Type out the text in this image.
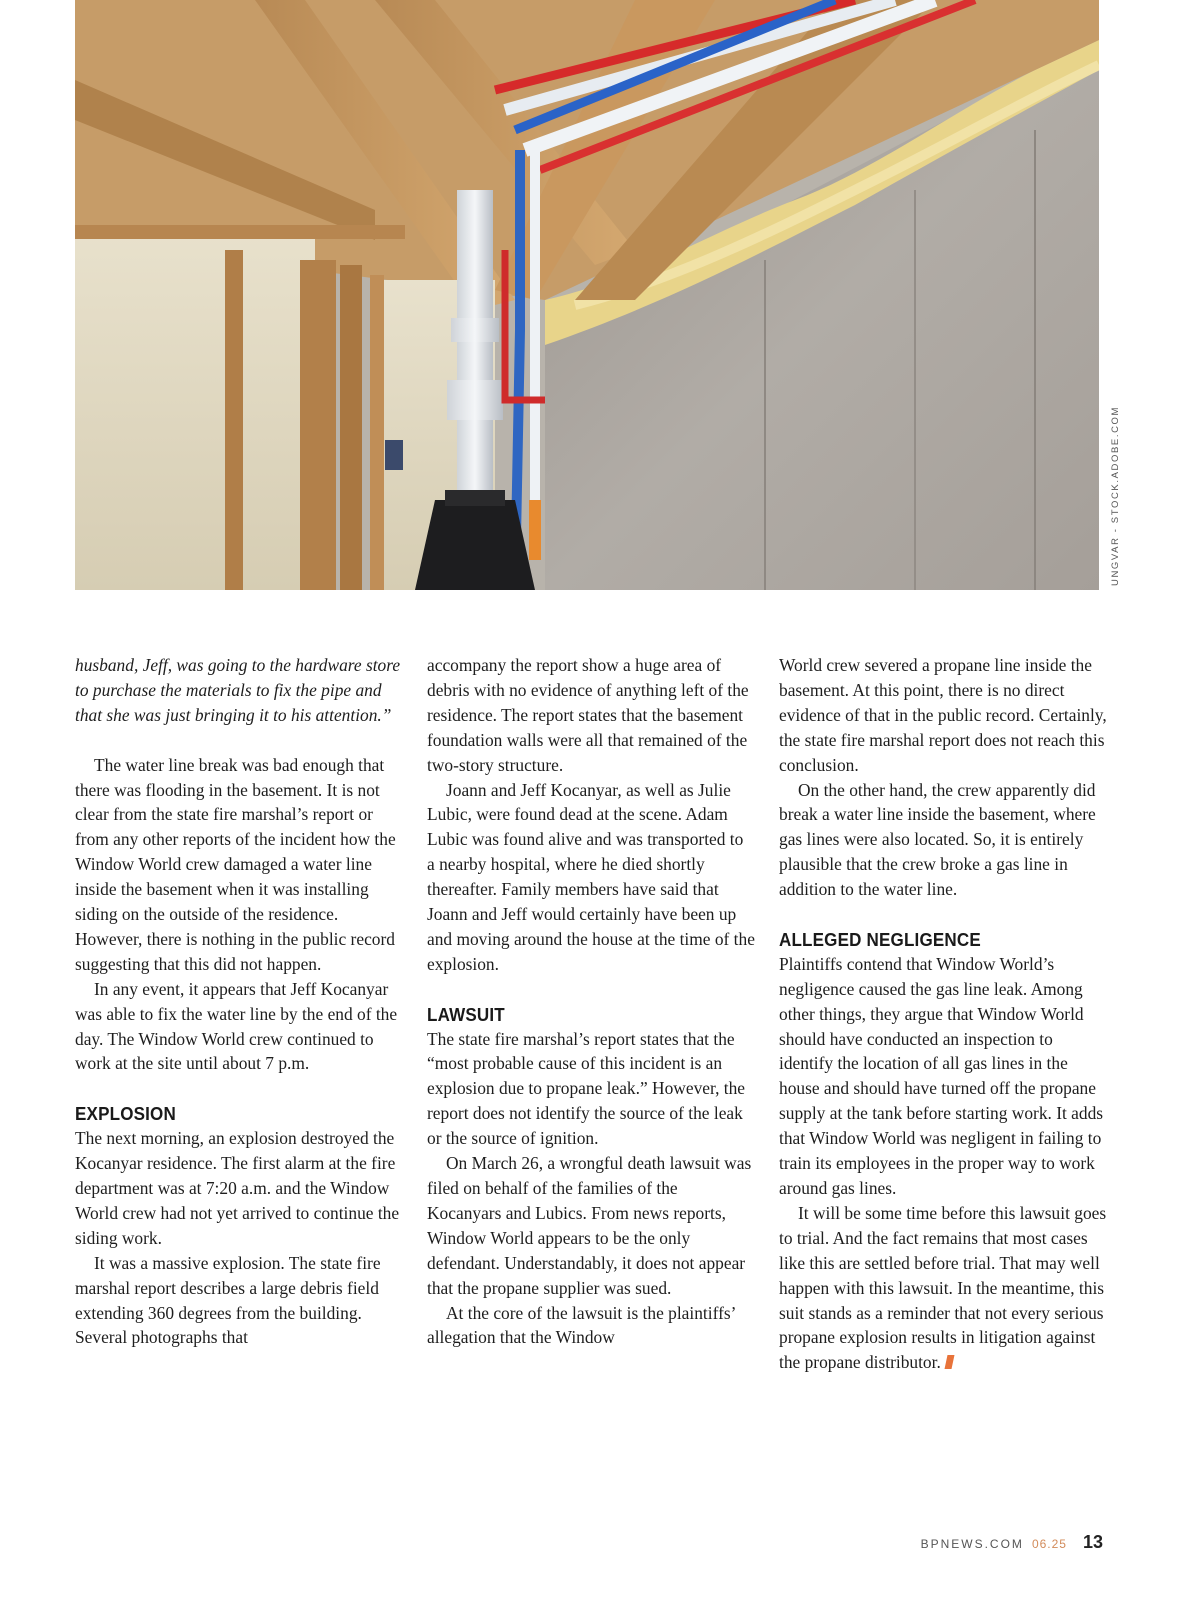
UNGVAR - STOCK.ADOBE.COM

husband, Jeff, was going to the hardware store to purchase the materials to fix the pipe and that she was just bringing it to his attention.”

The water line break was bad enough that there was flooding in the basement. It is not clear from the state fire marshal’s report or from any other reports of the incident how the Window World crew damaged a water line inside the basement when it was installing siding on the outside of the residence. However, there is nothing in the public record suggesting that this did not happen.

In any event, it appears that Jeff Kocanyar was able to fix the water line by the end of the day. The Window World crew continued to work at the site until about 7 p.m.

EXPLOSION

The next morning, an explosion destroyed the Kocanyar residence. The first alarm at the fire department was at 7:20 a.m. and the Window World crew had not yet arrived to continue the siding work.

It was a massive explosion. The state fire marshal report describes a large debris field extending 360 degrees from the building. Several photographs that

accompany the report show a huge area of debris with no evidence of anything left of the residence. The report states that the basement foundation walls were all that remained of the two-story structure.

Joann and Jeff Kocanyar, as well as Julie Lubic, were found dead at the scene. Adam Lubic was found alive and was transported to a nearby hospital, where he died shortly thereafter. Family members have said that Joann and Jeff would certainly have been up and moving around the house at the time of the explosion.

LAWSUIT

The state fire marshal’s report states that the “most probable cause of this incident is an explosion due to propane leak.” However, the report does not identify the source of the leak or the source of ignition.

On March 26, a wrongful death lawsuit was filed on behalf of the families of the Kocanyars and Lubics. From news reports, Window World appears to be the only defendant. Understandably, it does not appear that the propane supplier was sued.

At the core of the lawsuit is the plaintiffs’ allegation that the Window

World crew severed a propane line inside the basement. At this point, there is no direct evidence of that in the public record. Certainly, the state fire marshal report does not reach this conclusion.

On the other hand, the crew apparently did break a water line inside the basement, where gas lines were also located. So, it is entirely plausible that the crew broke a gas line in addition to the water line.

ALLEGED NEGLIGENCE

Plaintiffs contend that Window World’s negligence caused the gas line leak. Among other things, they argue that Window World should have conducted an inspection to identify the location of all gas lines in the house and should have turned off the propane supply at the tank before starting work. It adds that Window World was negligent in failing to train its employees in the proper way to work around gas lines.

It will be some time before this lawsuit goes to trial. And the fact remains that most cases like this are settled before trial. That may well happen with this lawsuit. In the meantime, this suit stands as a reminder that not every serious propane explosion results in litigation against the propane distributor.

BPNEWS.COM 06.25 13
